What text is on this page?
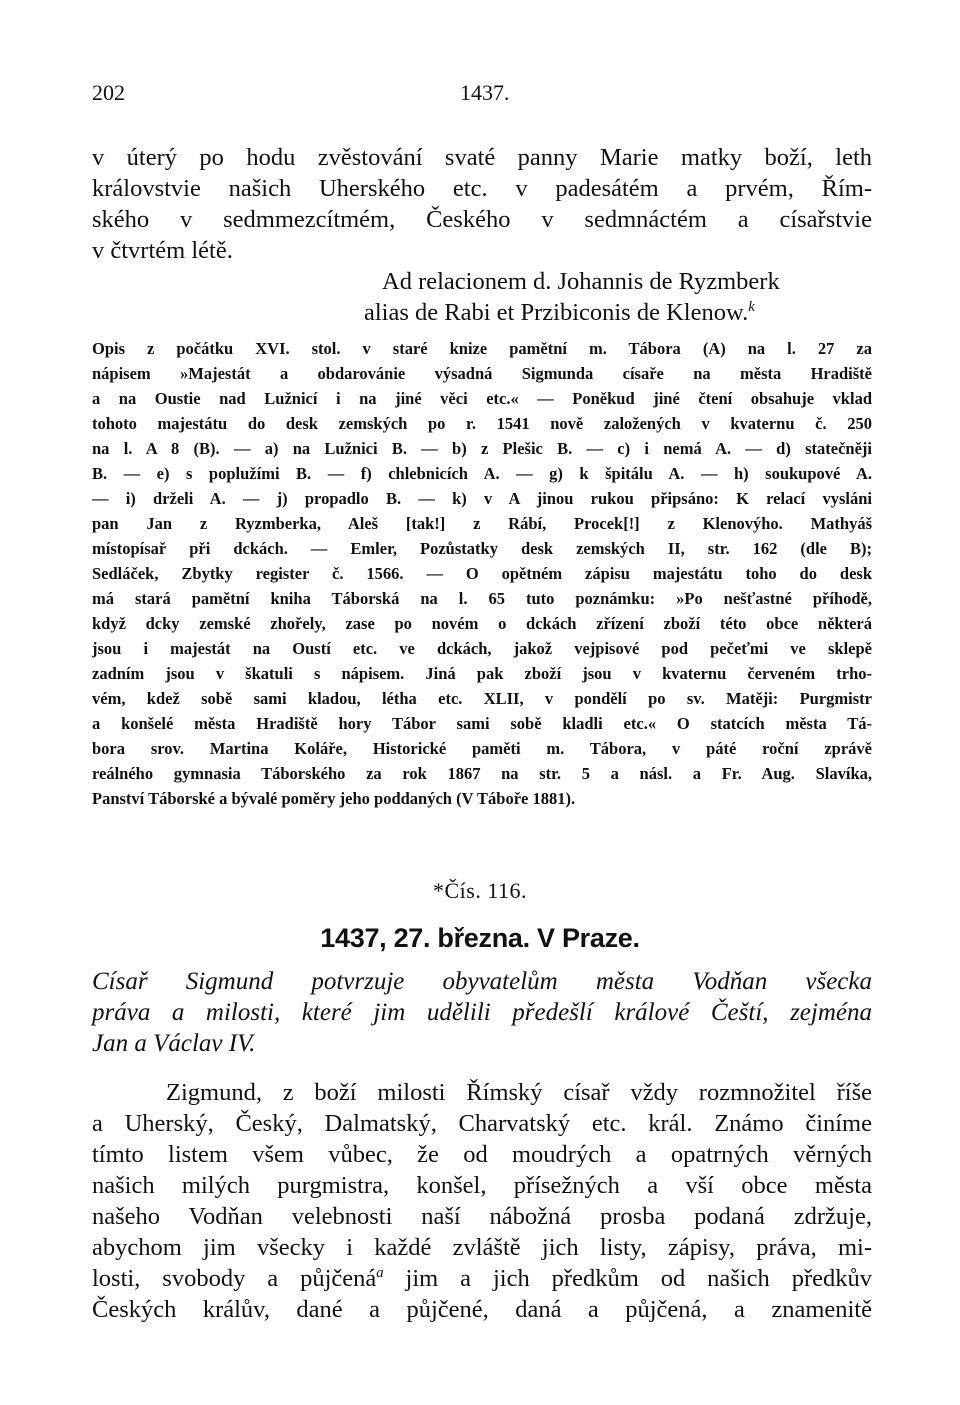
202	1437.
v úterý po hodu zvěstování svaté panny Marie matky boží, leth
královstvie našich Uherského etc. v padesátém a prvém, Řím-
ského v sedmmezcítmém, Českého v sedmnáctém a císařstvie
v čtvrtém létě.
Ad relacionem d. Johannis de Ryzmberk
alias de Rabi et Przibiconis de Klenow.$^k$
Opis z počátku XVI. stol. v staré knize pamětní m. Tábora (A) na l. 27 za
nápisem »Majestát a obdarovánie výsadná Sigmunda císaře na města Hradiště
a na Oustie nad Lužnicí i na jiné věci etc.« — Poněkud jiné čtení obsahuje vklad
tohoto majestátu do desk zemských po r. 1541 nově založených v kvaternu č. 250
na l. A 8 (B). — a) na Lužnici B. — b) z Plešic B. — c) i nemá A. — d) statečněji
B. — e) s poplužími B. — f) chlebnicích A. — g) k špitálu A. — h) soukupové A.
— i) drželi A. — j) propadlo B. — k) v A jinou rukou připsáno: K relací vysláni
pan Jan z Ryzmberka, Aleš [tak!] z Rábí, Procek[!] z Klenovýho. Mathyáš
místopísař při dckách. — Emler, Pozůstatky desk zemských II, str. 162 (dle B);
Sedláček, Zbytky register č. 1566. — O opětném zápisu majestátu toho do desk
má stará pamětní kniha Táborská na l. 65 tuto poznámku: »Po nešťastné příhodě,
když dcky zemské zhořely, zase po novém o dckách zřízení zboží této obce některá
jsou i majestát na Oustí etc. ve dckách, jakož vejpisové pod pečeťmi ve sklepě
zadním jsou v škatuli s nápisem. Jiná pak zboží jsou v kvaternu červeném trho-
vém, kdež sobě sami kladou, létha etc. XLII, v pondělí po sv. Matěji: Purgmistr
a konšelé města Hradiště hory Tábor sami sobě kladli etc.« O statcích města Tá-
bora srov. Martina Koláře, Historické paměti m. Tábora, v páté roční zprávě
reálného gymnasia Táborského za rok 1867 na str. 5 a násl. a Fr. Aug. Slavíka,
Panství Táborské a bývalé poměry jeho poddaných (V Táboře 1881).
*Čís. 116.
1437, 27. března. V Praze.
Císař Sigmund potvrzuje obyvatelům města Vodňan všecka
práva a milosti, které jim udělili předešlí králové Čeští, zejména
Jan a Václav IV.
Zigmund, z boží milosti Římský císař vždy rozmnožitel říše
a Uherský, Český, Dalmatský, Charvatský etc. král. Známo činíme
tímto listem všem vůbec, že od moudrých a opatrných věrných
našich milých purgmistra, konšel, přísežných a vší obce města
našeho Vodňan velebnosti naší nábožná prosba podaná zdržuje,
abychom jim všecky i každé zvláště jich listy, zápisy, práva, mi-
losti, svobody a půjčená$^a$ jim a jich předkům od našich předkův
Českých králův, dané a půjčené, daná a půjčená, a znamenitě
